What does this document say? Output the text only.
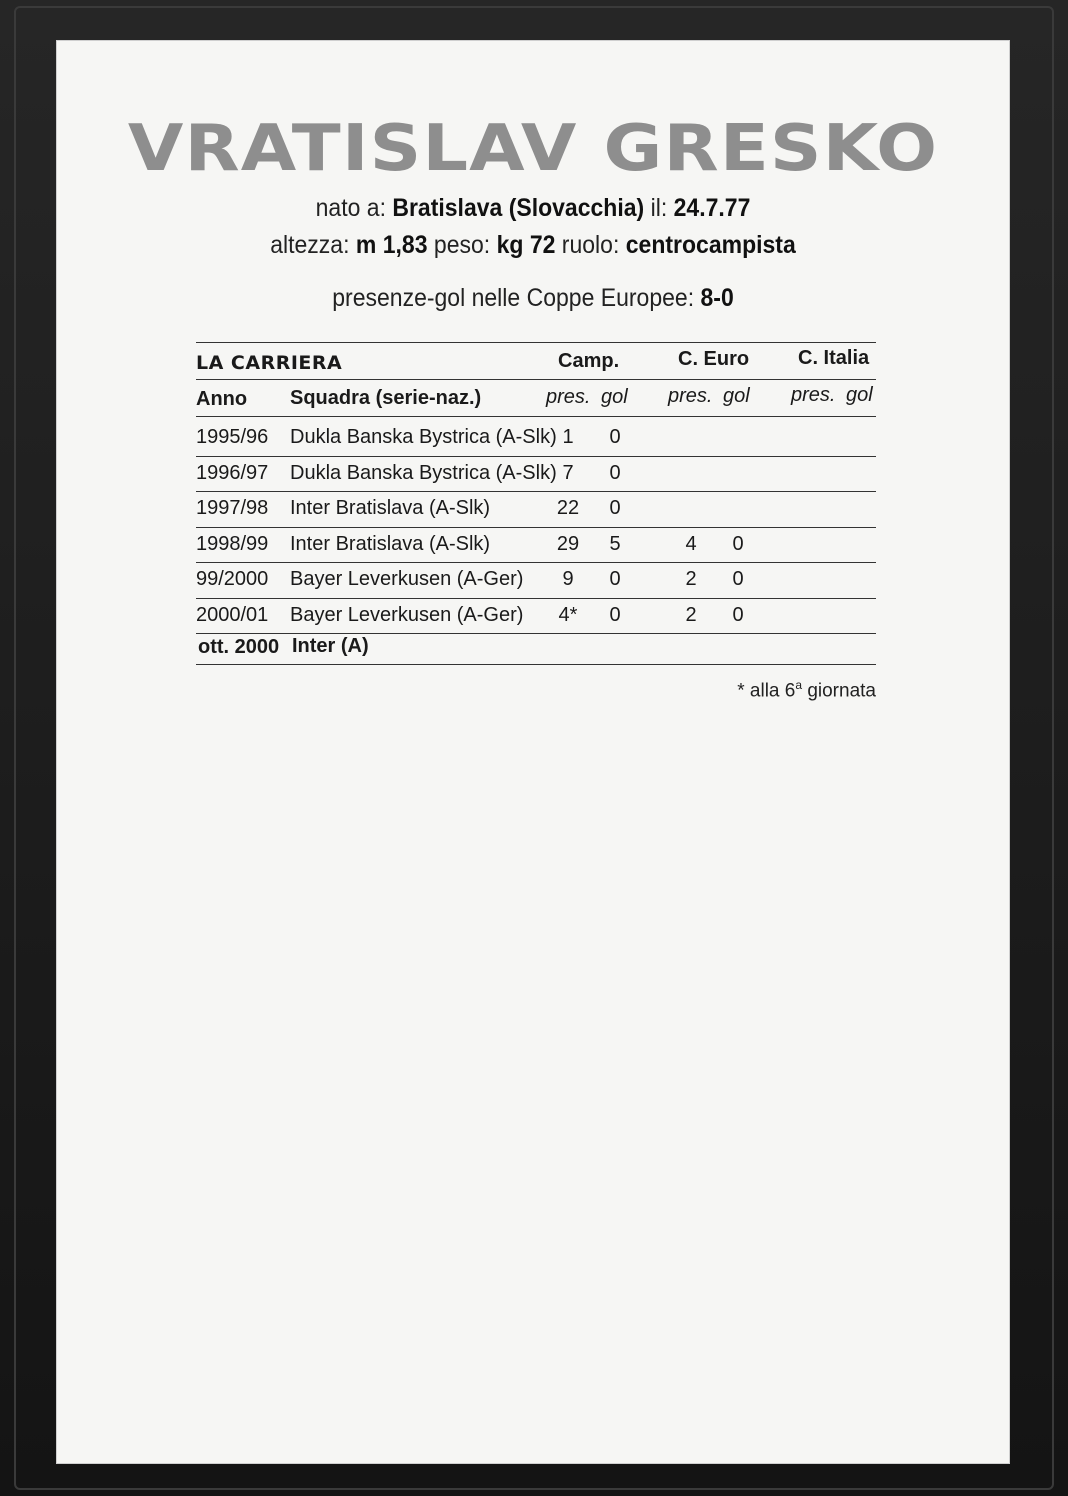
VRATISLAV GRESKO
nato a: Bratislava (Slovacchia) il: 24.7.77
altezza: m 1,83 peso: kg 72 ruolo: centrocampista
presenze-gol nelle Coppe Europee: 8-0
LA CARRIERA	Camp.	C. Euro C. Italia
Anno Squadra (serie-naz.)	pres. gol pres. gol pres. gol
1995/96 Dukla Banska Bystrica (A-Slk) 1	0
1996/97 Dukla Banska Bystrica (A-Slk) 7	0
1997/98 Inter Bratislava (A-Slk)	22	0
1998/99 Inter Bratislava (A-Slk)	29	5	4	0
99/2000 Bayer Leverkusen (A-Ger)	9	0	2	0
2000/01 Bayer Leverkusen (A-Ger)	4*	0	2	0
ott. 2000 Inter (A)
* alla 6$^a$ giornata
